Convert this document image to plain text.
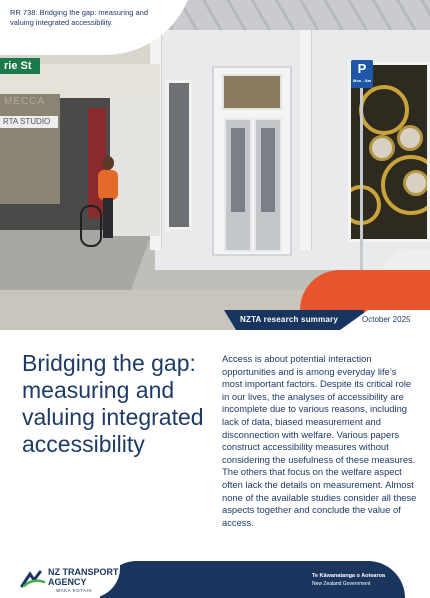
P
Mon - Sat
MECCA
RTA STUDIO
rie St
RR 738: Bridging the gap: measuring and valuing integrated accessibility.
NZTA research summary	October 2025
Bridging the gap: measuring and valuing integrated accessibility

Access is about potential interaction opportunities and is among everyday life’s most important factors. Despite its critical role in our lives, the analyses of accessibility are incomplete due to various reasons, including lack of data, biased measurement and disconnection with welfare. Various papers construct accessibility measures without considering the usefulness of these measures. The others that focus on the welfare aspect often lack the details on measurement. Almost none of the available studies consider all these aspects together and conclude the value of access.

NZ TRANSPORT
AGENCY
WAKA KOTAHI
Te Kāwanatanga o Aotearoa
New Zealand Government
